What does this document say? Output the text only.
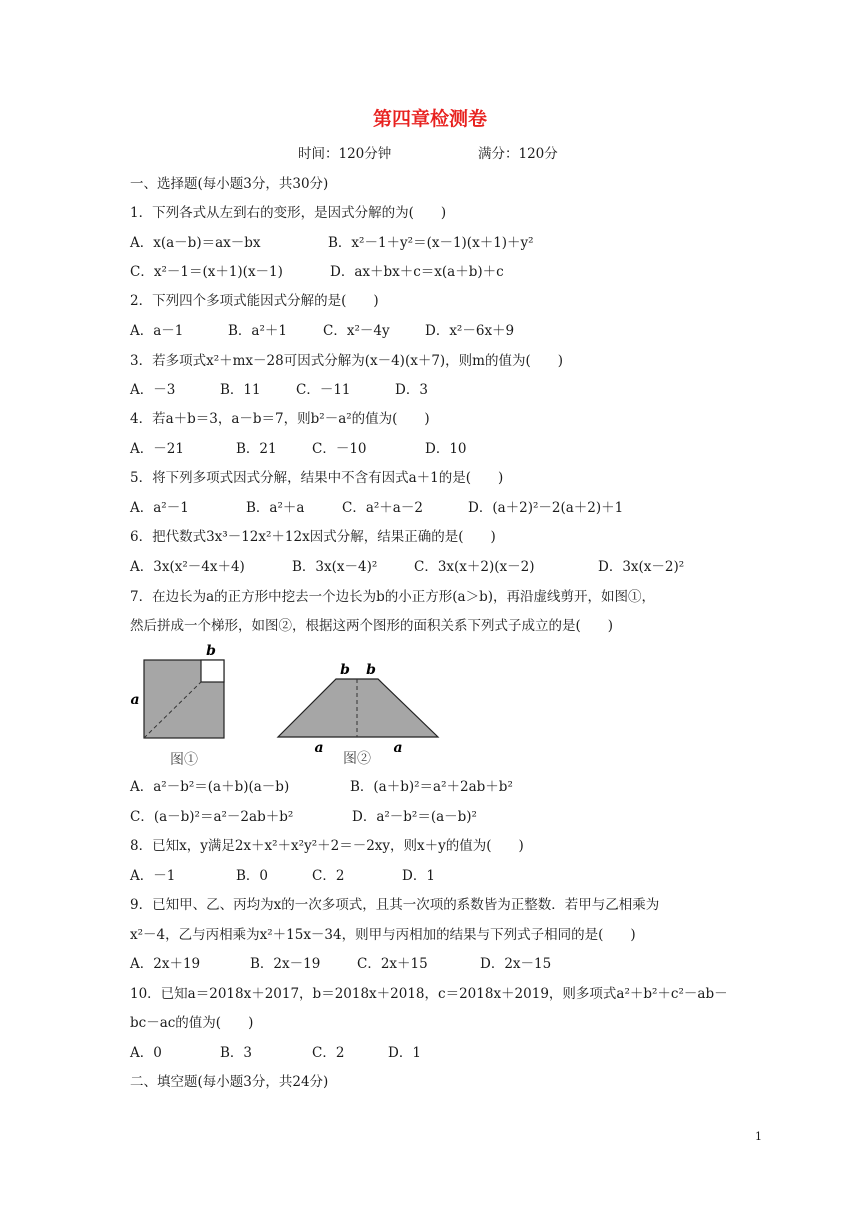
第四章检测卷
时间：120分钟	满分：120分
一、选择题(每小题3分，共30分)
1．下列各式从左到右的变形，是因式分解的为(　　)
A．x(a－b)＝ax－bx	B．x²－1＋y²＝(x－1)(x＋1)＋y²
C．x²－1＝(x＋1)(x－1)	D．ax＋bx＋c＝x(a＋b)＋c
2．下列四个多项式能因式分解的是(　　)
A．a－1	B．a²＋1	C．x²－4y	D．x²－6x＋9
3．若多项式x²＋mx－28可因式分解为(x－4)(x＋7)，则m的值为(　　)
A．－3	B．11	C．－11	D．3
4．若a＋b＝3，a－b＝7，则b²－a²的值为(　　)
A．－21	B．21	C．－10	D．10
5．将下列多项式因式分解，结果中不含有因式a＋1的是(　　)
A．a²－1	B．a²＋a	C．a²＋a－2	D．(a＋2)²－2(a＋2)＋1
6．把代数式3x³－12x²＋12x因式分解，结果正确的是(　　)
A．3x(x²－4x＋4)	B．3x(x－4)²	C．3x(x＋2)(x－2)	D．3x(x－2)²
7．在边长为a的正方形中挖去一个边长为b的小正方形(a＞b)，再沿虚线剪开，如图①，
然后拼成一个梯形，如图②，根据这两个图形的面积关系下列式子成立的是(　　)
b
a
图①
b b
a	a
图②
A．a²－b²＝(a＋b)(a－b)	B．(a＋b)²＝a²＋2ab＋b²
C．(a－b)²＝a²－2ab＋b²	D．a²－b²＝(a－b)²
8．已知x，y满足2x＋x²＋x²y²＋2＝－2xy，则x＋y的值为(　　)
A．－1	B．0	C．2	D．1
9．已知甲、乙、丙均为x的一次多项式，且其一次项的系数皆为正整数．若甲与乙相乘为
x²－4，乙与丙相乘为x²＋15x－34，则甲与丙相加的结果与下列式子相同的是(　　)
A．2x＋19	B．2x－19	C．2x＋15	D．2x－15
10．已知a＝2018x＋2017，b＝2018x＋2018，c＝2018x＋2019，则多项式a²＋b²＋c²－ab－
bc－ac的值为(　　)
A．0	B．3	C．2	D．1
二、填空题(每小题3分，共24分)
1
